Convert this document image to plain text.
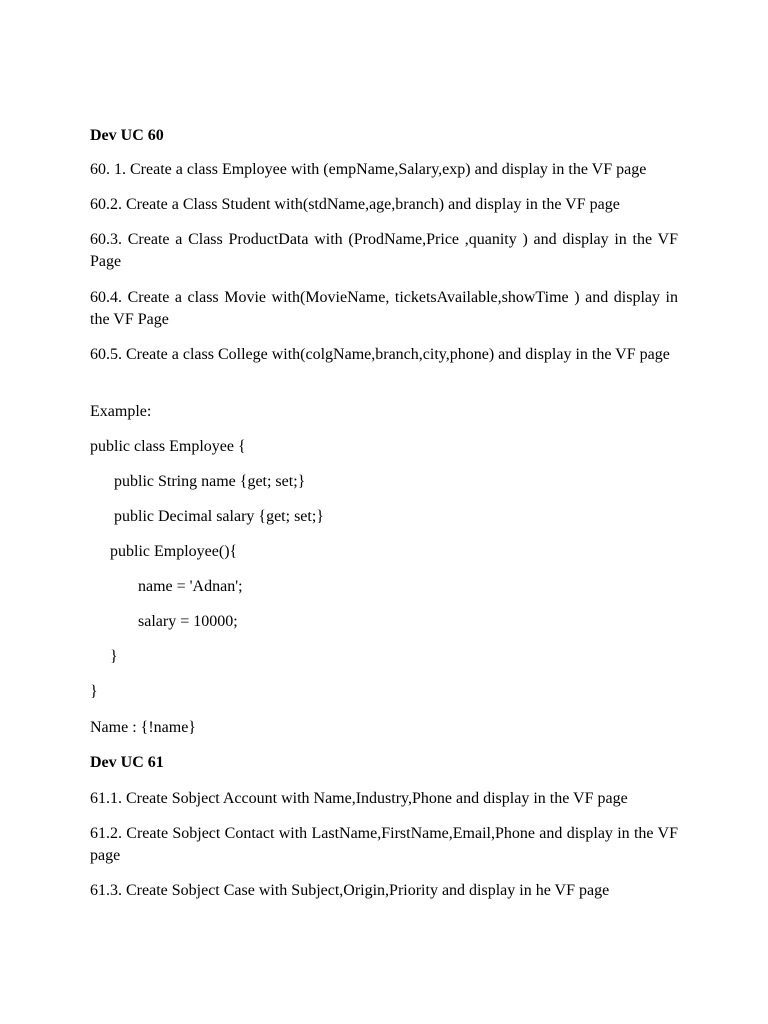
Dev UC 60
60. 1. Create a class Employee with (empName,Salary,exp) and display in the VF page
60.2. Create a Class Student with(stdName,age,branch) and display in the VF page
60.3. Create a Class ProductData with (ProdName,Price ,quanity ) and display in the VF Page
60.4. Create a class Movie with(MovieName, ticketsAvailable,showTime ) and display in the VF Page
60.5. Create a class College with(colgName,branch,city,phone) and display in the VF page
Example:
public class Employee {
public String name {get; set;}
public Decimal salary {get; set;}
public Employee(){
name = 'Adnan';
salary = 10000;
}
}
Name : {!name}
Dev UC 61
61.1. Create Sobject Account with Name,Industry,Phone and display in the VF page
61.2. Create Sobject Contact with LastName,FirstName,Email,Phone and display in the VF page
61.3. Create Sobject Case with Subject,Origin,Priority and display in he VF page
